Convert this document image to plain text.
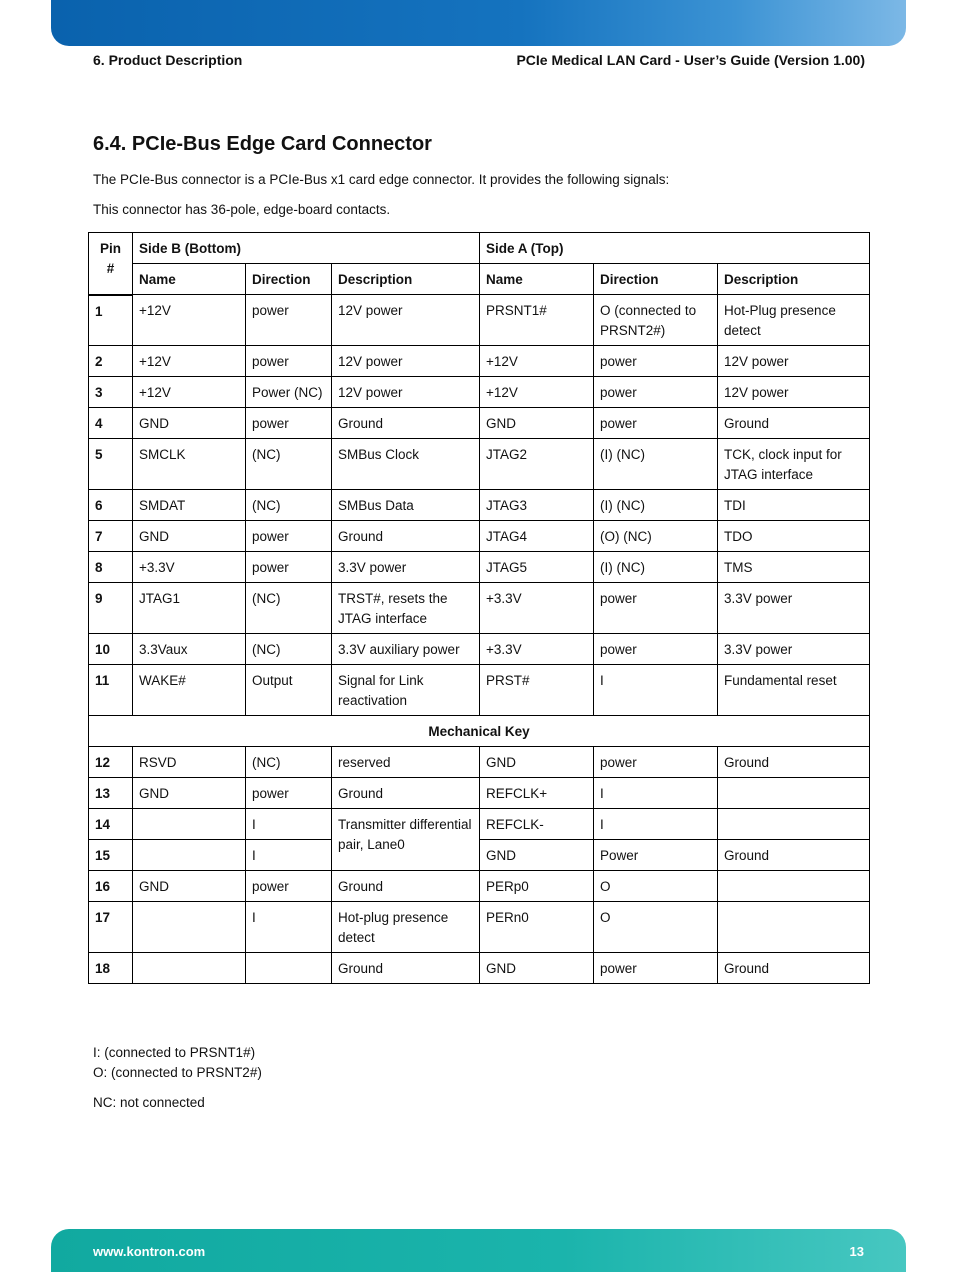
6. Product Description	PCIe Medical LAN Card - User’s Guide (Version 1.00)
6.4. PCIe-Bus Edge Card Connector
The PCIe-Bus connector is a PCIe-Bus x1 card edge connector. It provides the following signals:
This connector has 36-pole, edge-board contacts.
Pin #	Side B (Bottom)			Side A (Top)		
	Name	Direction	Description	Name	Direction	Description
1	+12V	power	12V power	PRSNT1#	O (connected to PRSNT2#)	Hot-Plug presence detect
2	+12V	power	12V power	+12V	power	12V power
3	+12V	Power (NC)	12V power	+12V	power	12V power
4	GND	power	Ground	GND	power	Ground
5	SMCLK	(NC)	SMBus Clock	JTAG2	(I) (NC)	TCK, clock input for JTAG interface
6	SMDAT	(NC)	SMBus Data	JTAG3	(I) (NC)	TDI
7	GND	power	Ground	JTAG4	(O) (NC)	TDO
8	+3.3V	power	3.3V power	JTAG5	(I) (NC)	TMS
9	JTAG1	(NC)	TRST#, resets the JTAG interface	+3.3V	power	3.3V power
10	3.3Vaux	(NC)	3.3V auxiliary power	+3.3V	power	3.3V power
11	WAKE#	Output	Signal for Link reactivation	PRST#	I	Fundamental reset
Mechanical Key						
12	RSVD	(NC)	reserved	GND	power	Ground
13	GND	power	Ground	REFCLK+	I	
14		I	Transmitter differential pair, Lane0	REFCLK-	I	
15		I		GND	Power	Ground
16	GND	power	Ground	PERp0	O	
17		I	Hot-plug presence detect	PERn0	O	
18			Ground	GND	power	Ground
I: (connected to PRSNT1#)
O: (connected to PRSNT2#)
NC: not connected
www.kontron.com	13
